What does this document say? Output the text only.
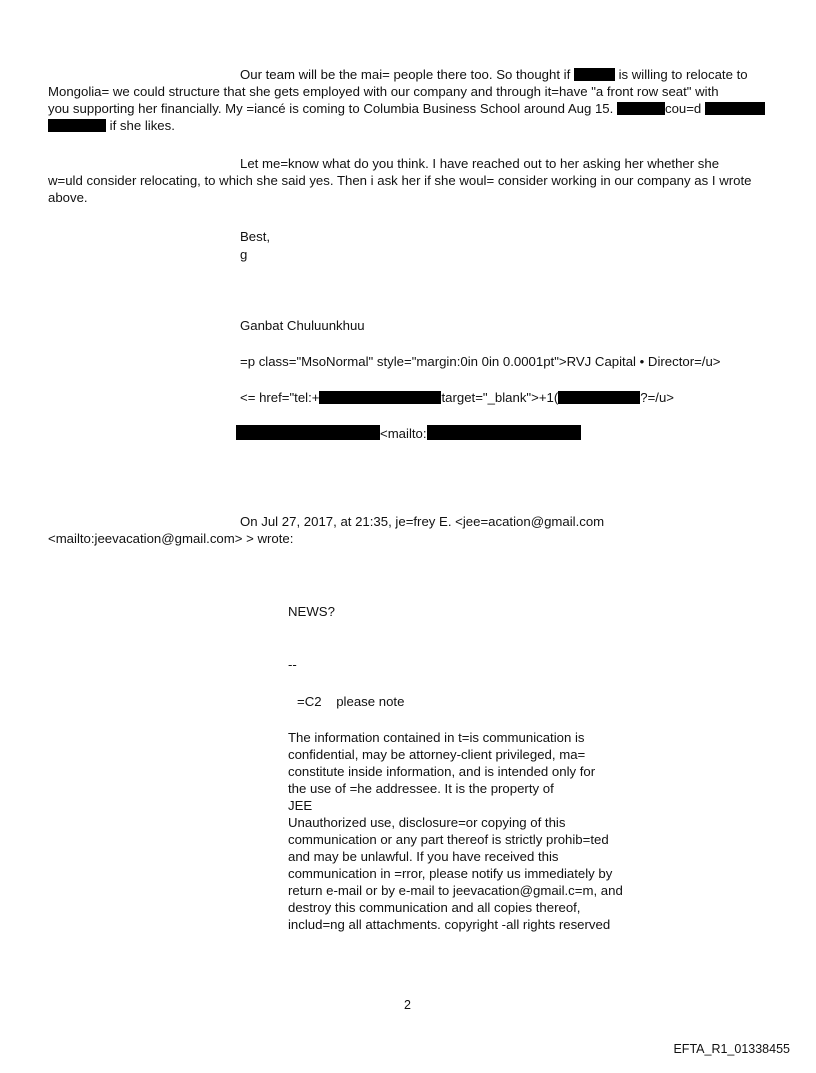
Our team will be the mai= people there too. So thought if	is willing to relocate to
Mongolia= we could structure that she gets employed with our company and through it=have "a front row seat" with
you supporting her financially. My =iancé is coming to Columbia Business School around Aug 15.	cou=d
if she likes.
Let me=know what do you think. I have reached out to her asking her whether she
w=uld consider relocating, to which she said yes. Then i ask her if she woul= consider working in our company as I wrote
above.
Best,
g
Ganbat Chuluunkhuu
=p class="MsoNormal" style="margin:0in 0in 0.0001pt">RVJ Capital • Director=/u>
<= href="tel:+	target="_blank">+1(	?=/u>
<mailto:
On Jul 27, 2017, at 21:35, je=frey E. <jee=acation@gmail.com
<mailto:jeevacation@gmail.com> > wrote:
NEWS?
--
=C2    please note
The information contained in t=is communication is
confidential, may be attorney-client privileged, ma=
constitute inside information, and is intended only for
the use of =he addressee. It is the property of
JEE
Unauthorized use, disclosure=or copying of this
communication or any part thereof is strictly prohib=ted
and may be unlawful. If you have received this
communication in =rror, please notify us immediately by
return e-mail or by e-mail to jeevacation@gmail.c=m, and
destroy this communication and all copies thereof,
includ=ng all attachments. copyright -all rights reserved
2
EFTA_R1_01338455
